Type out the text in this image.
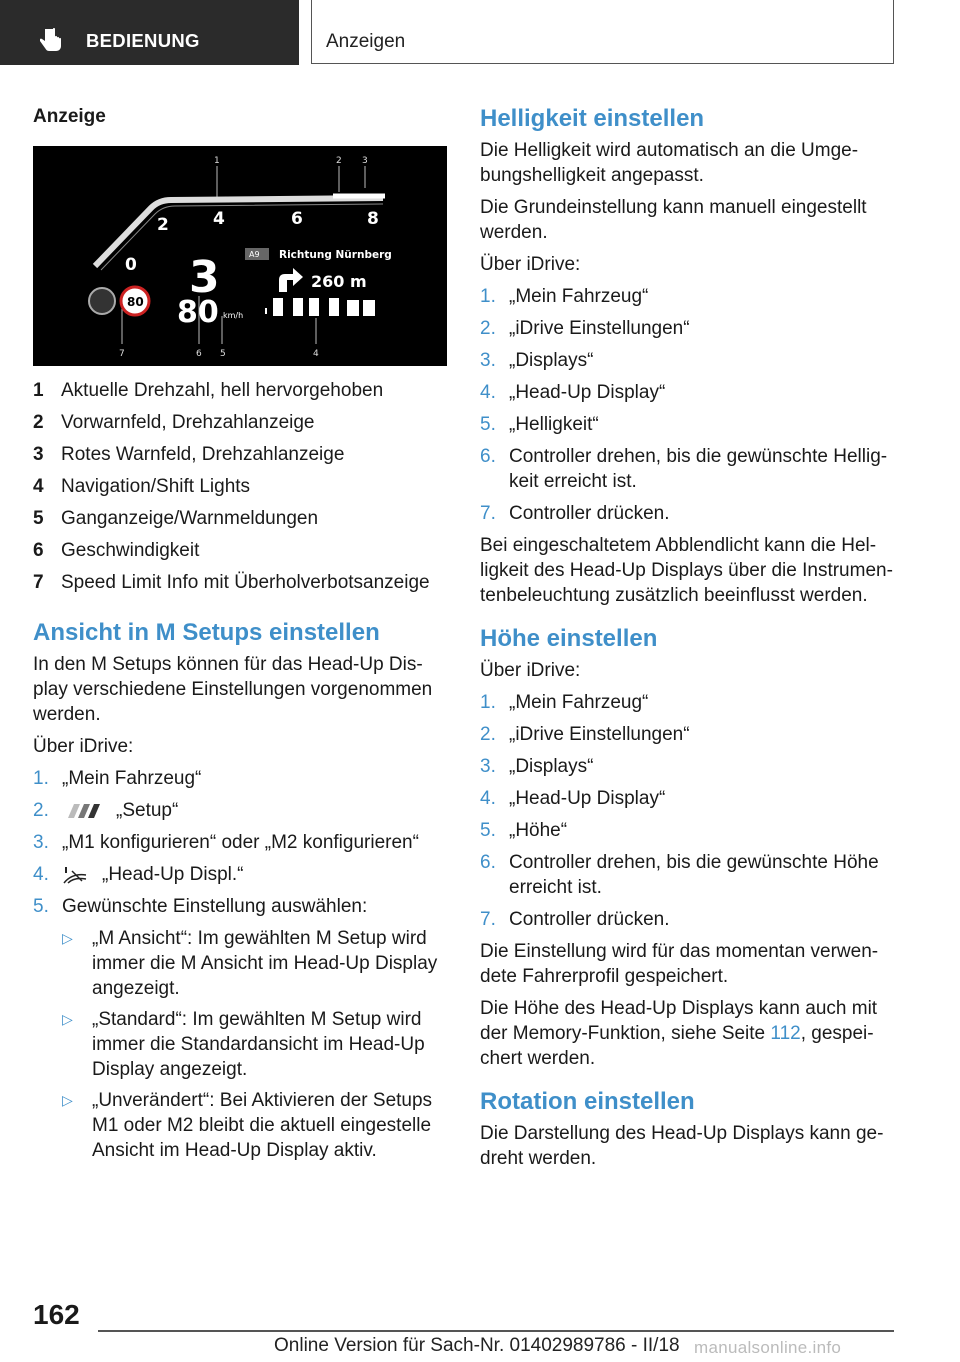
BEDIENUNG	Anzeigen
Anzeige
1	2 3
7	6 5	4
2	4	6	8
0 3
80 km/h
80
A9 Richtung Nürnberg
260 m
1 Aktuelle Drehzahl, hell hervorgehoben
2 Vorwarnfeld, Drehzahlanzeige
3 Rotes Warnfeld, Drehzahlanzeige
4 Navigation/Shift Lights
5 Ganganzeige/Warnmeldungen
6 Geschwindigkeit
7 Speed Limit Info mit Überholverbotsanzeige
Ansicht in M Setups einstellen
In den M Setups können für das Head-Up Display verschiedene Einstellungen vorgenommen werden.
Über iDrive:
1. „Mein Fahrzeug“
2.	„Setup“
3. „M1 konfigurieren“ oder „M2 konfigurieren“
4.	„Head-Up Displ.“
5. Gewünschte Einstellung auswählen:
▷	„M Ansicht“: Im gewählten M Setup wird immer die M Ansicht im Head-Up Display angezeigt.
▷	„Standard“: Im gewählten M Setup wird immer die Standardansicht im Head-Up Display angezeigt.
▷	„Unverändert“: Bei Aktivieren der Setups M1 oder M2 bleibt die aktuell eingestelle Ansicht im Head-Up Display aktiv.
Helligkeit einstellen
Die Helligkeit wird automatisch an die Umgebungshelligkeit angepasst.
Die Grundeinstellung kann manuell eingestellt werden.
Über iDrive:
1. „Mein Fahrzeug“
2. „iDrive Einstellungen“
3. „Displays“
4. „Head-Up Display“
5. „Helligkeit“
6. Controller drehen, bis die gewünschte Helligkeit erreicht ist.
7. Controller drücken.
Bei eingeschaltetem Abblendlicht kann die Helligkeit des Head-Up Displays über die Instrumentenbeleuchtung zusätzlich beeinflusst werden.
Höhe einstellen
Über iDrive:
1. „Mein Fahrzeug“
2. „iDrive Einstellungen“
3. „Displays“
4. „Head-Up Display“
5. „Höhe“
6. Controller drehen, bis die gewünschte Höhe erreicht ist.
7. Controller drücken.
Die Einstellung wird für das momentan verwendete Fahrerprofil gespeichert.
Die Höhe des Head-Up Displays kann auch mit der Memory-Funktion, siehe Seite 112, gespeichert werden.
Rotation einstellen
Die Darstellung des Head-Up Displays kann gedreht werden.
162
Online Version für Sach-Nr. 01402989786 - II/18 manualsonline.info
